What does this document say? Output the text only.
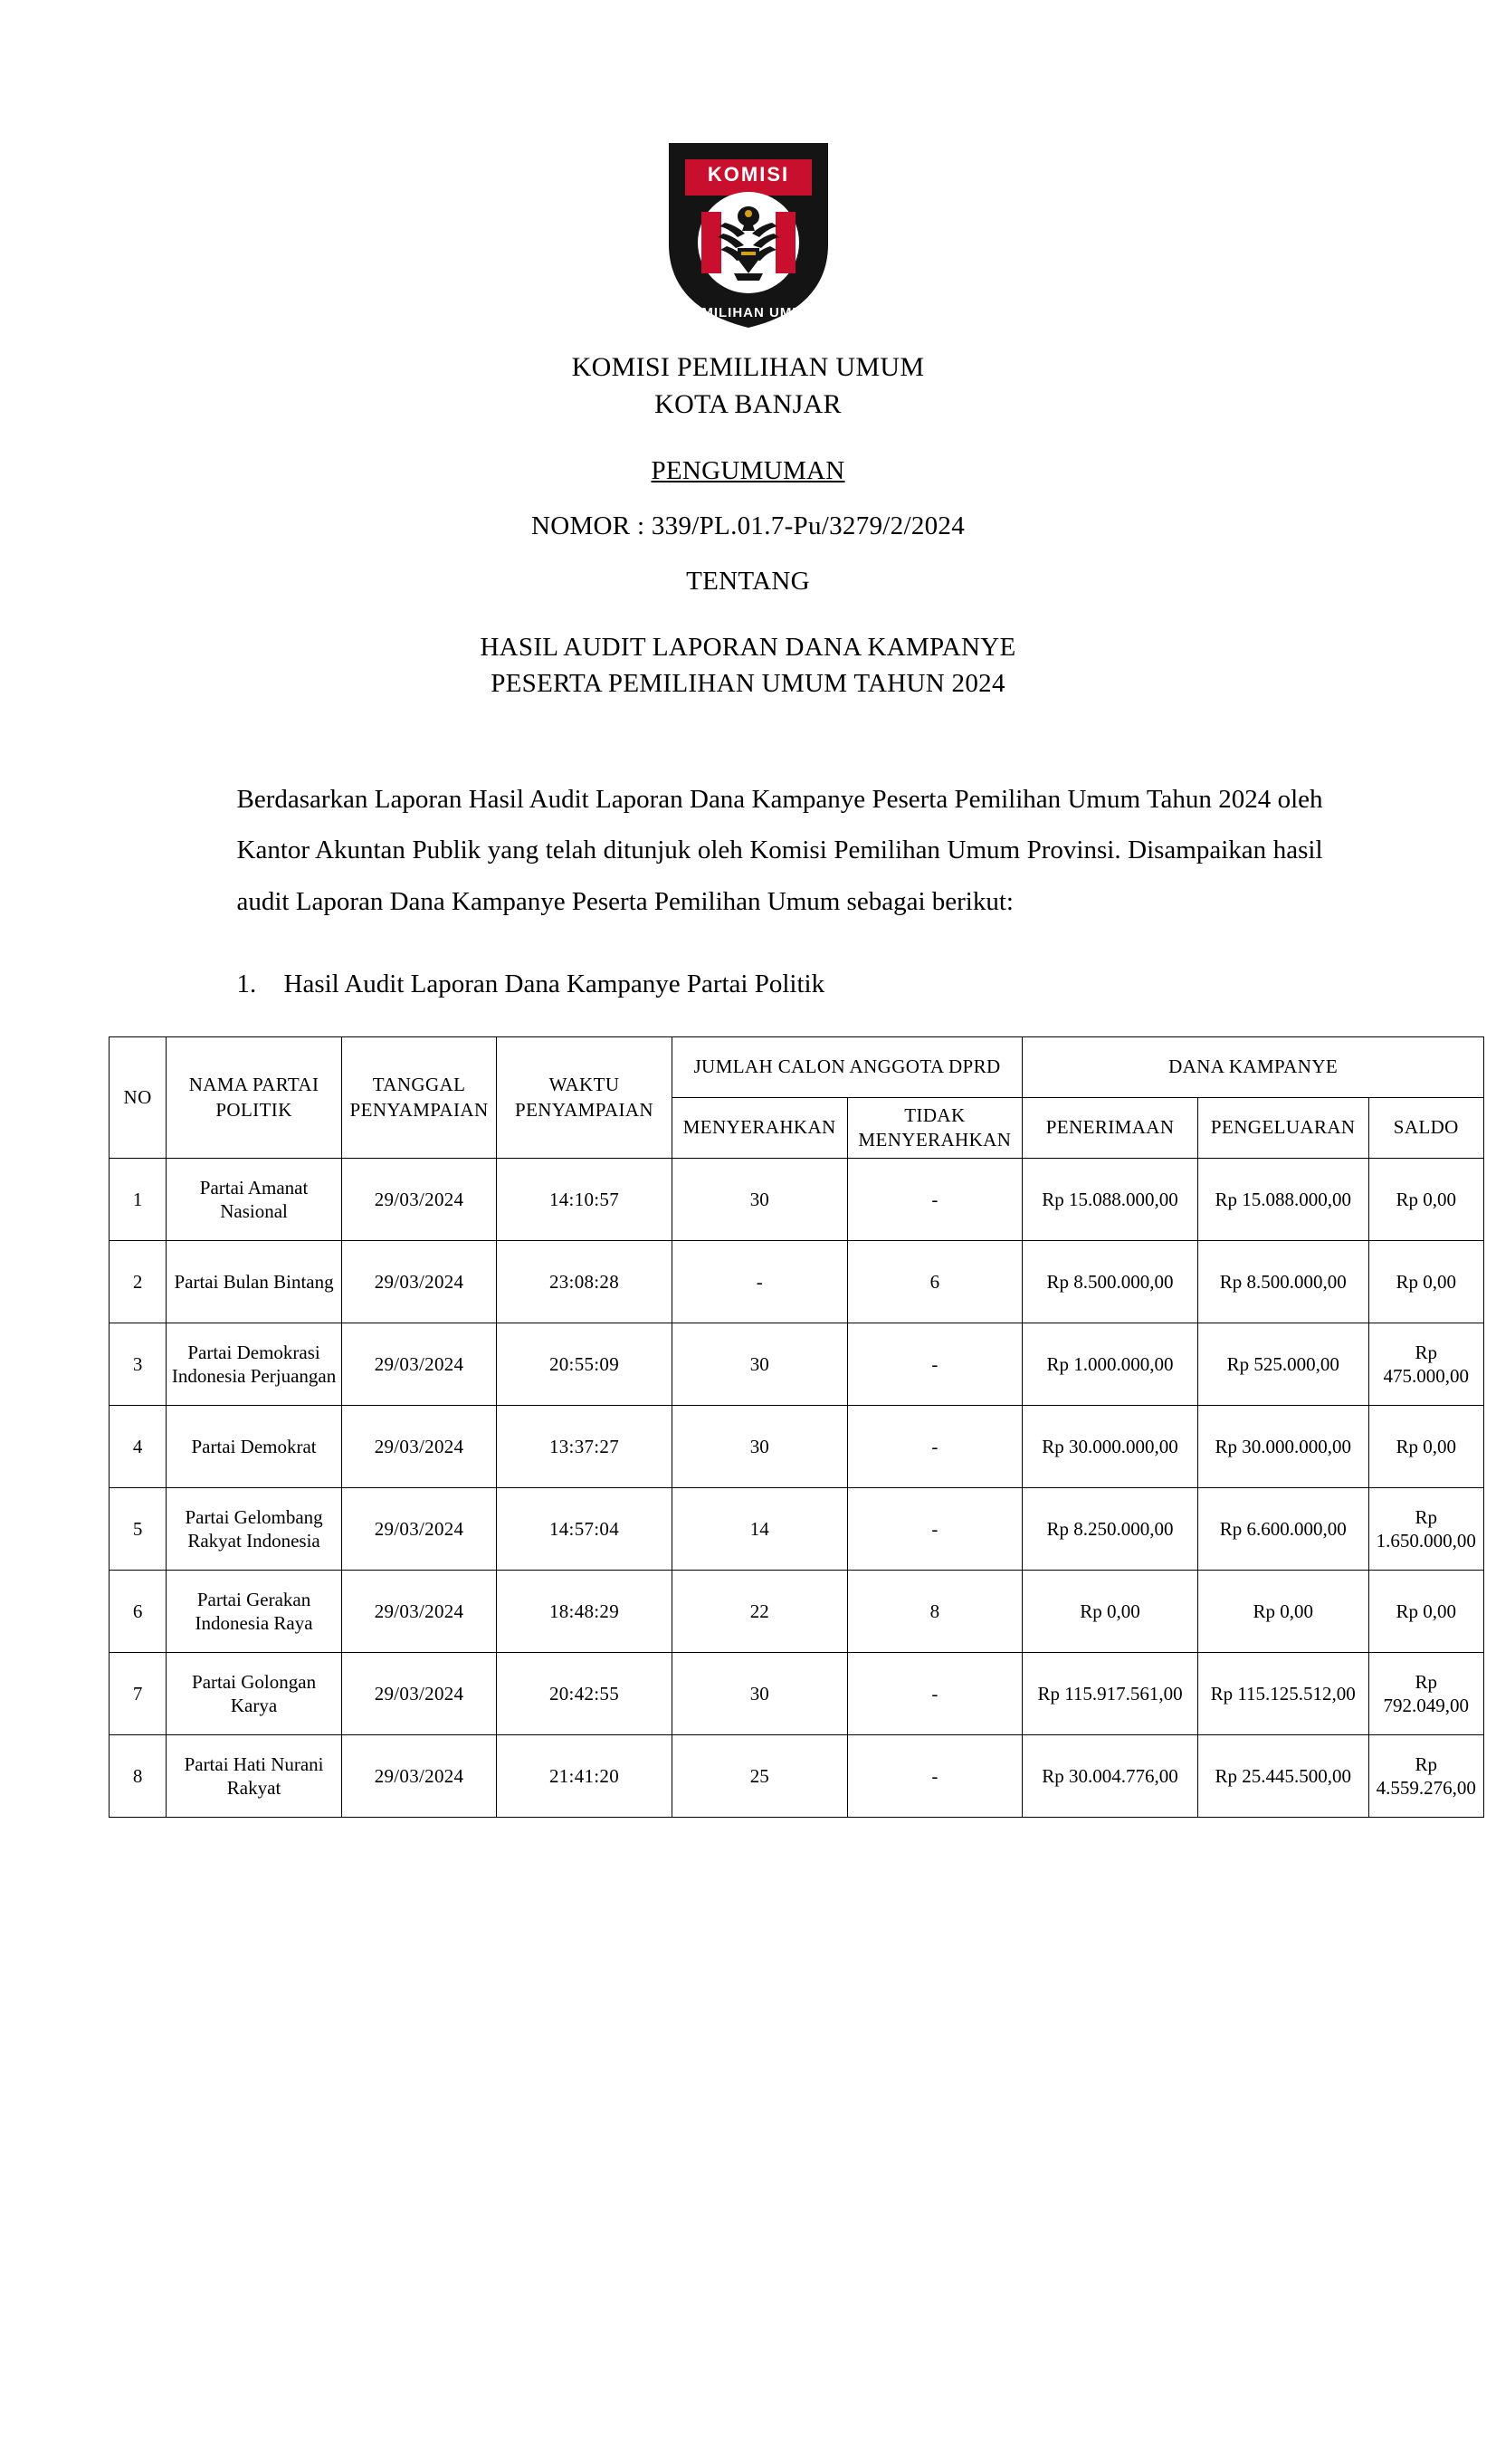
KOMISI
PEMILIHAN UMUM
KOMISI PEMILIHAN UMUM
KOTA BANJAR
PENGUMUMAN
NOMOR : 339/PL.01.7-Pu/3279/2/2024
TENTANG
HASIL AUDIT LAPORAN DANA KAMPANYE
PESERTA PEMILIHAN UMUM TAHUN 2024

Berdasarkan Laporan Hasil Audit Laporan Dana Kampanye Peserta Pemilihan Umum Tahun 2024 oleh Kantor Akuntan Publik yang telah ditunjuk oleh Komisi Pemilihan Umum Provinsi. Disampaikan hasil audit Laporan Dana Kampanye Peserta Pemilihan Umum sebagai berikut:

1.	Hasil Audit Laporan Dana Kampanye Partai Politik
NO	NAMA PARTAI POLITIK	TANGGAL PENYAMPAIAN	WAKTU PENYAMPAIAN	JUMLAH CALON ANGGOTA DPRD		DANA KAMPANYE		
				MENYERAHKAN	TIDAK MENYERAHKAN	PENERIMAAN	PENGELUARAN	SALDO
1	Partai Amanat Nasional	29/03/2024	14:10:57	30	-	Rp 15.088.000,00	Rp 15.088.000,00	Rp 0,00
2	Partai Bulan Bintang	29/03/2024	23:08:28	-	6	Rp 8.500.000,00	Rp 8.500.000,00	Rp 0,00
3	Partai Demokrasi Indonesia Perjuangan	29/03/2024	20:55:09	30	-	Rp 1.000.000,00	Rp 525.000,00	Rp 475.000,00
4	Partai Demokrat	29/03/2024	13:37:27	30	-	Rp 30.000.000,00	Rp 30.000.000,00	Rp 0,00
5	Partai Gelombang Rakyat Indonesia	29/03/2024	14:57:04	14	-	Rp 8.250.000,00	Rp 6.600.000,00	Rp 1.650.000,00
6	Partai Gerakan Indonesia Raya	29/03/2024	18:48:29	22	8	Rp 0,00	Rp 0,00	Rp 0,00
7	Partai Golongan Karya	29/03/2024	20:42:55	30	-	Rp 115.917.561,00	Rp 115.125.512,00	Rp 792.049,00
8	Partai Hati Nurani Rakyat	29/03/2024	21:41:20	25	-	Rp 30.004.776,00	Rp 25.445.500,00	Rp 4.559.276,00
